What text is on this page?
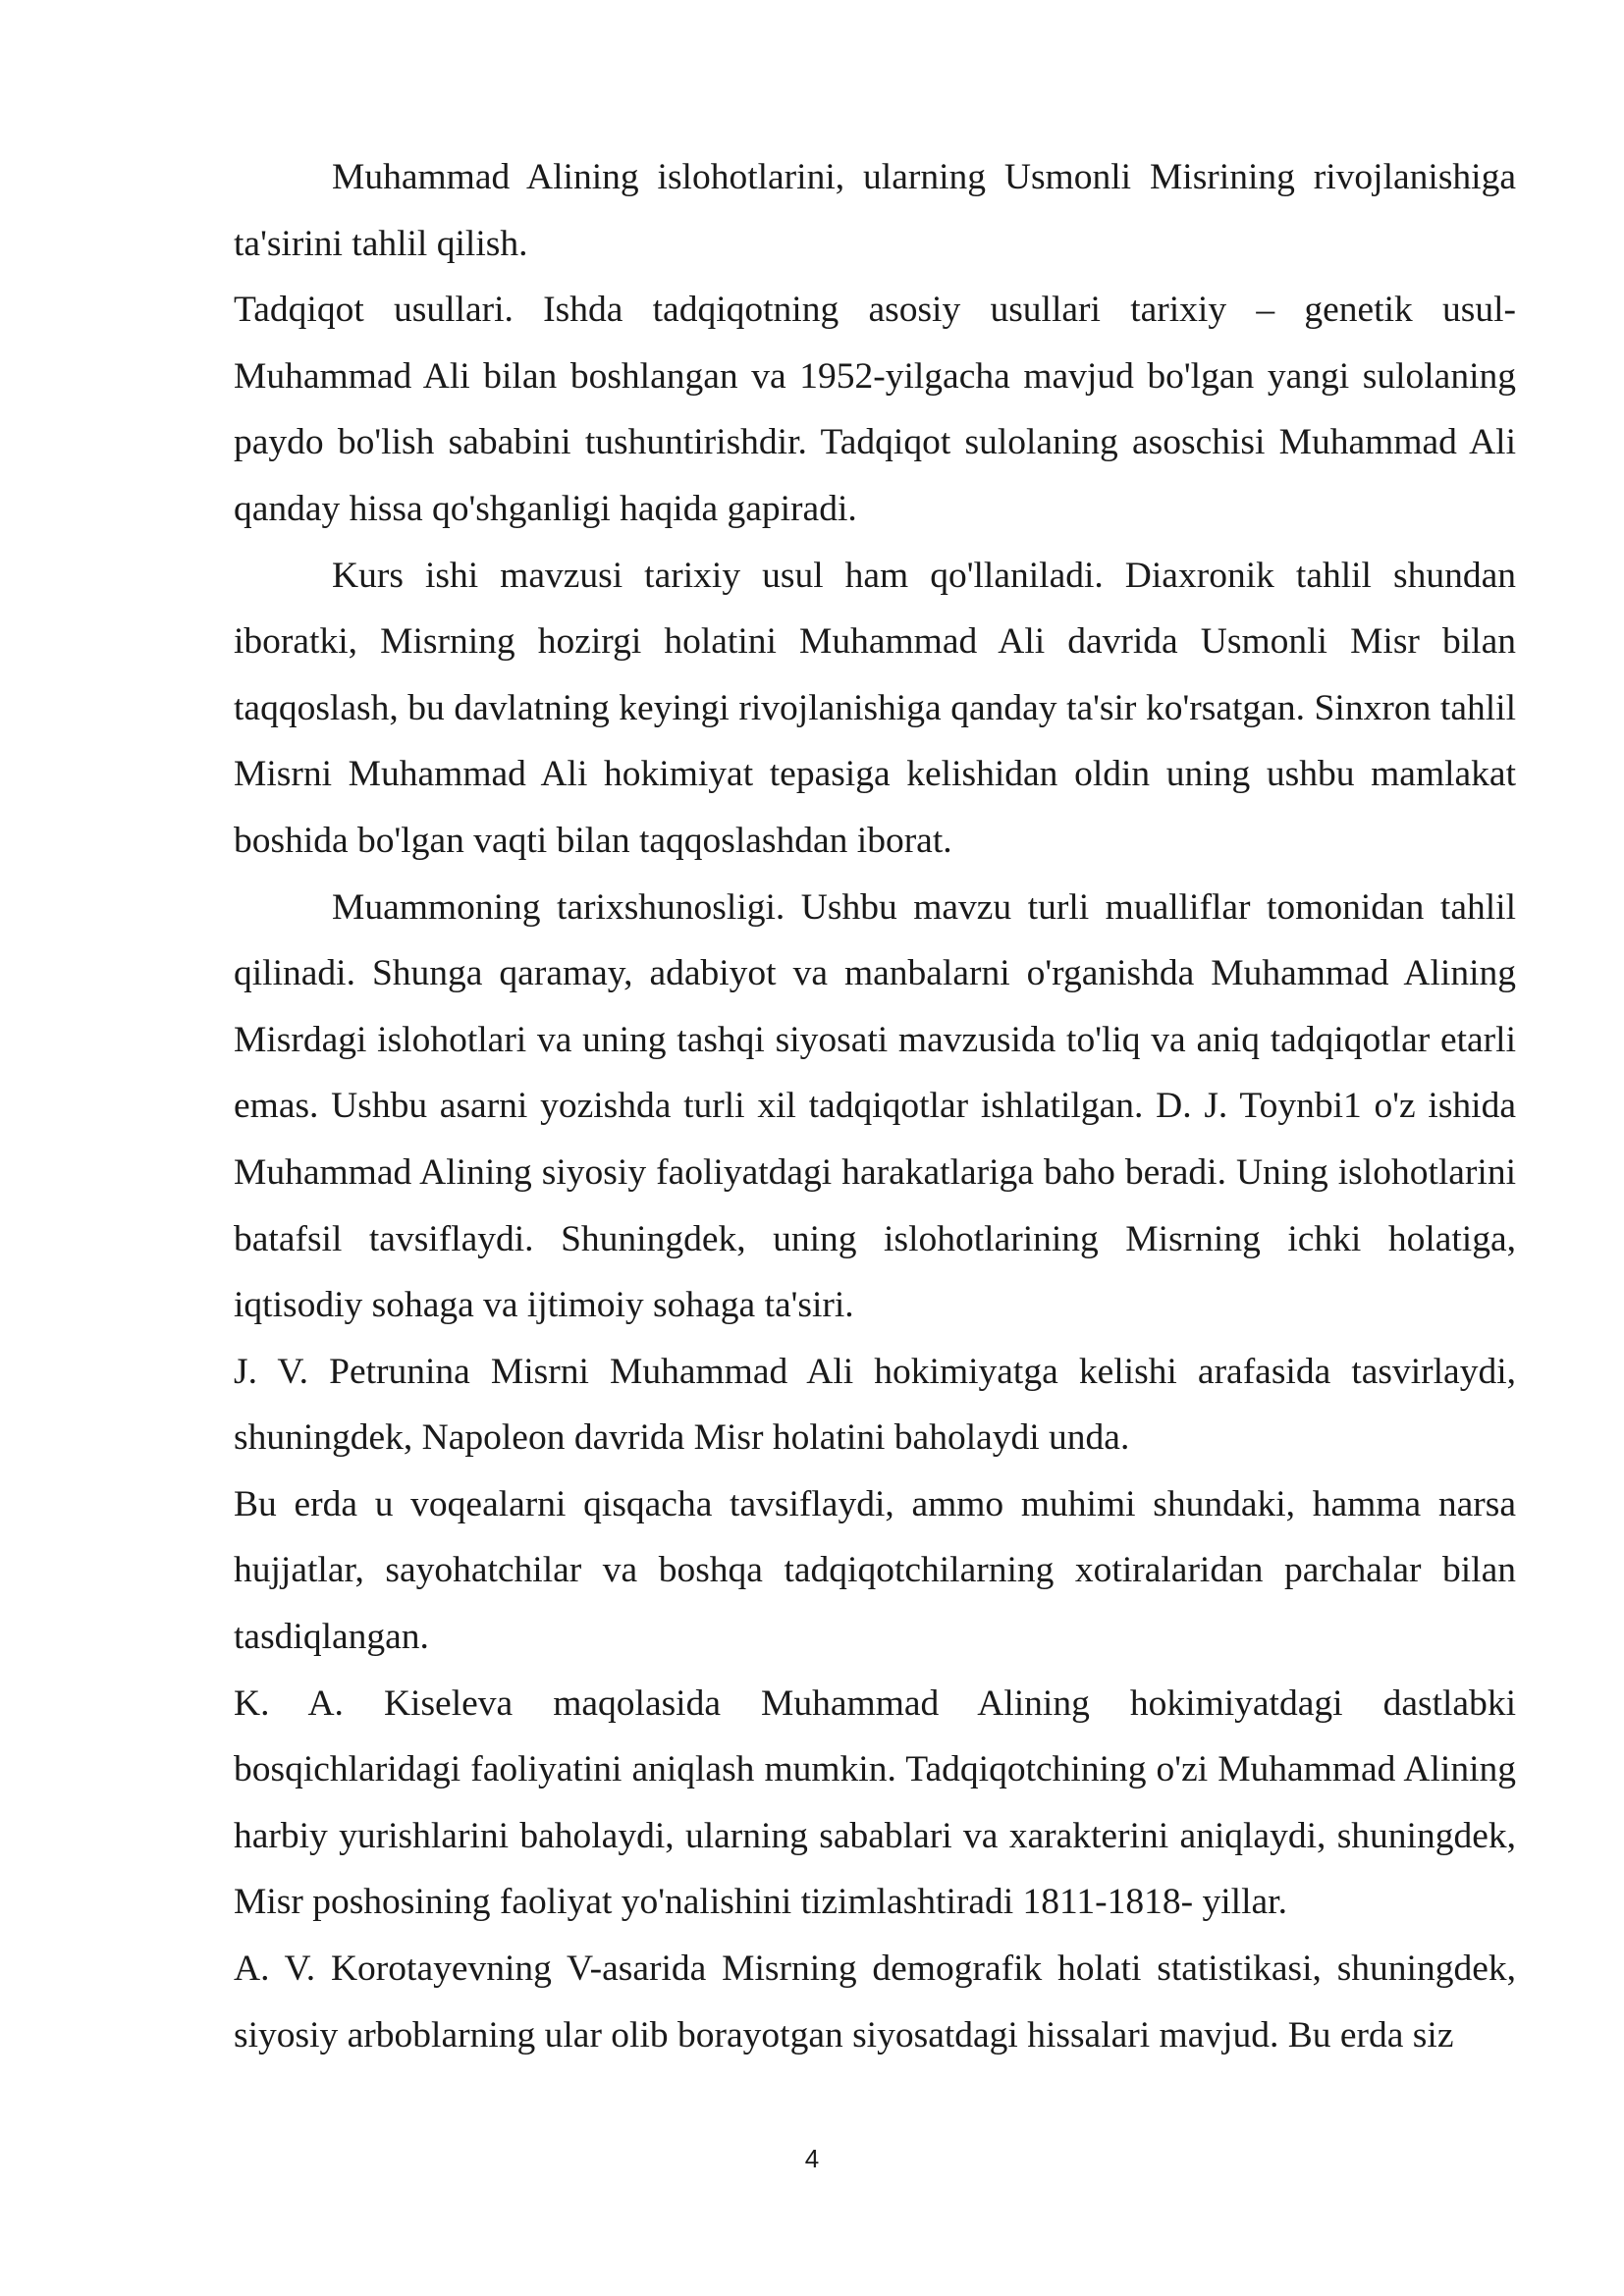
Muhammad Alining islohotlarini, ularning Usmonli Misrining rivojlanishiga ta'sirini tahlil qilish.

Tadqiqot usullari. Ishda tadqiqotning asosiy usullari tarixiy – genetik usul- Muhammad Ali bilan boshlangan va 1952-yilgacha mavjud bo'lgan yangi sulolaning paydo bo'lish sababini tushuntirishdir. Tadqiqot sulolaning asoschisi Muhammad Ali qanday hissa qo'shganligi haqida gapiradi.

Kurs ishi mavzusi tarixiy usul ham qo'llaniladi. Diaxronik tahlil shundan iboratki, Misrning hozirgi holatini Muhammad Ali davrida Usmonli Misr bilan taqqoslash, bu davlatning keyingi rivojlanishiga qanday ta'sir ko'rsatgan. Sinxron tahlil Misrni Muhammad Ali hokimiyat tepasiga kelishidan oldin uning ushbu mamlakat boshida bo'lgan vaqti bilan taqqoslashdan iborat.

Muammoning tarixshunosligi. Ushbu mavzu turli mualliflar tomonidan tahlil qilinadi. Shunga qaramay, adabiyot va manbalarni o'rganishda Muhammad Alining Misrdagi islohotlari va uning tashqi siyosati mavzusida to'liq va aniq tadqiqotlar etarli emas. Ushbu asarni yozishda turli xil tadqiqotlar ishlatilgan. D. J. Toynbi1 o'z ishida Muhammad Alining siyosiy faoliyatdagi harakatlariga baho beradi. Uning islohotlarini batafsil tavsiflaydi. Shuningdek, uning islohotlarining Misrning ichki holatiga, iqtisodiy sohaga va ijtimoiy sohaga ta'siri.

J. V. Petrunina Misrni Muhammad Ali hokimiyatga kelishi arafasida tasvirlaydi, shuningdek, Napoleon davrida Misr holatini baholaydi unda.

Bu erda u voqealarni qisqacha tavsiflaydi, ammo muhimi shundaki, hamma narsa hujjatlar, sayohatchilar va boshqa tadqiqotchilarning xotiralaridan parchalar bilan tasdiqlangan.

K. A. Kiseleva maqolasida Muhammad Alining hokimiyatdagi dastlabki bosqichlaridagi faoliyatini aniqlash mumkin. Tadqiqotchining o'zi Muhammad Alining harbiy yurishlarini baholaydi, ularning sabablari va xarakterini aniqlaydi, shuningdek, Misr poshosining faoliyat yo'nalishini tizimlashtiradi 1811-1818- yillar.

A. V. Korotayevning V-asarida Misrning demografik holati statistikasi, shuningdek, siyosiy arboblarning ular olib borayotgan siyosatdagi hissalari mavjud. Bu erda siz

4
